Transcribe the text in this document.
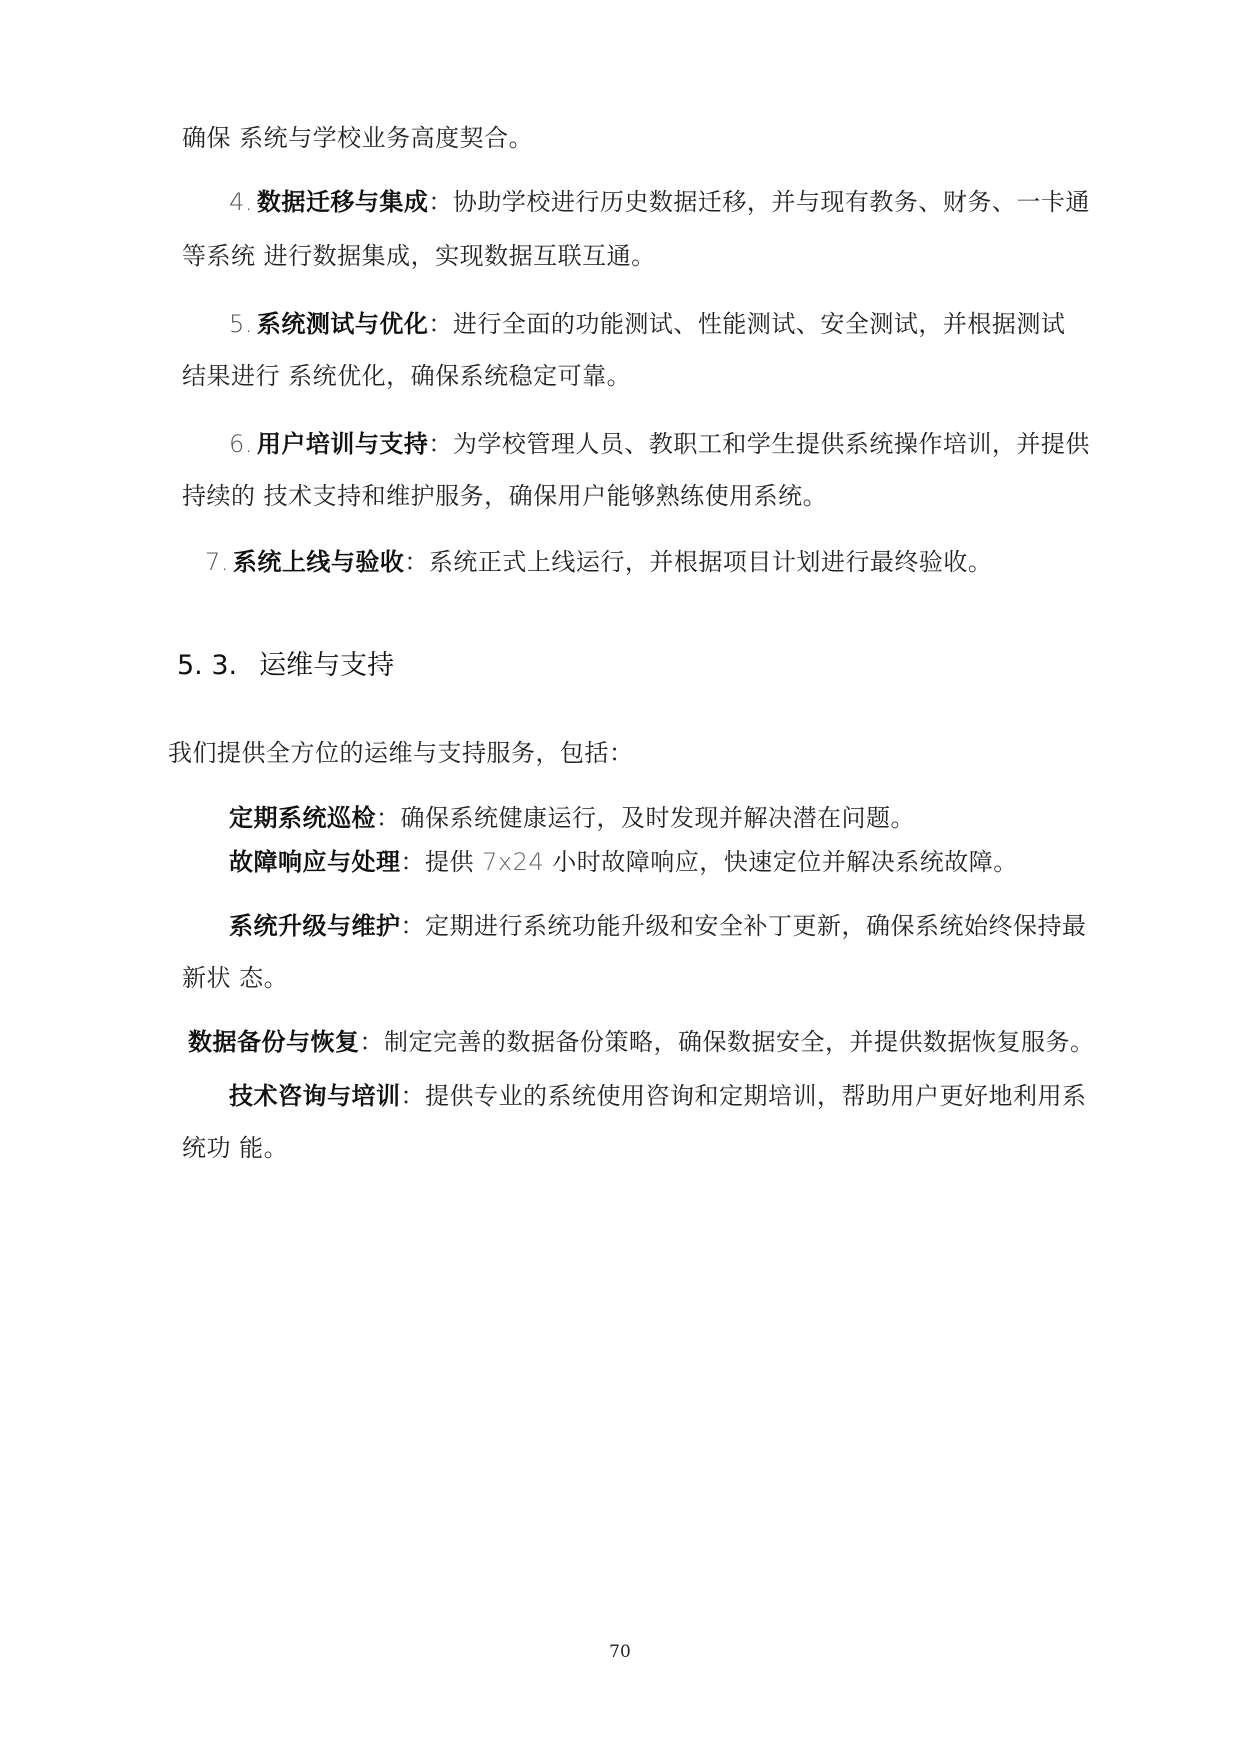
确保 系统与学校业务高度契合。
4. 数据迁移与集成：协助学校进行历史数据迁移，并与现有教务、财务、一卡通
等系统 进行数据集成，实现数据互联互通。
5. 系统测试与优化：进行全面的功能测试、性能测试、安全测试，并根据测试
结果进行 系统优化，确保系统稳定可靠。
6. 用户培训与支持：为学校管理人员、教职工和学生提供系统操作培训，并提供
持续的 技术支持和维护服务，确保用户能够熟练使用系统。
7. 系统上线与验收：系统正式上线运行，并根据项目计划进行最终验收。
5. 3. 运维与支持
我们提供全方位的运维与支持服务，包括：
定期系统巡检：确保系统健康运行，及时发现并解决潜在问题。
故障响应与处理：提供 7x24 小时故障响应，快速定位并解决系统故障。
系统升级与维护：定期进行系统功能升级和安全补丁更新，确保系统始终保持最
新状 态。
数据备份与恢复：制定完善的数据备份策略，确保数据安全，并提供数据恢复服务。
技术咨询与培训：提供专业的系统使用咨询和定期培训，帮助用户更好地利用系
统功 能。
70
